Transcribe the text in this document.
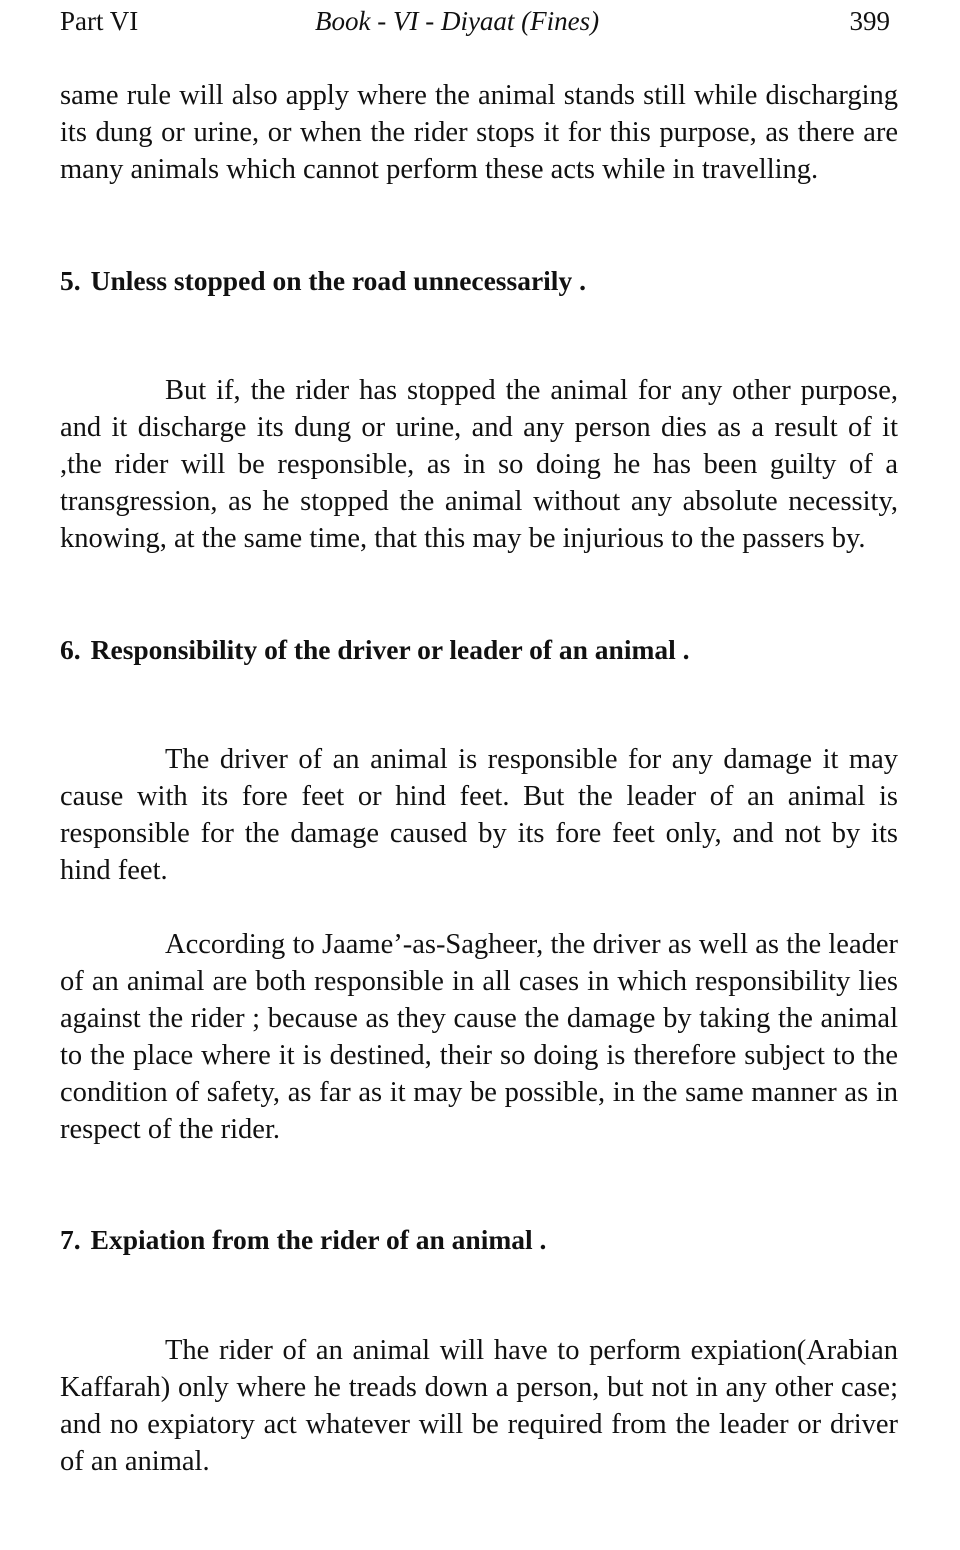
Part VI	Book - VI - Diyaat (Fines)	399

same rule will also apply where the animal stands still while discharging its dung or urine, or when the rider stops it for this purpose, as there are many animals which cannot perform these acts while in travelling.

5. Unless stopped on the road unnecessarily .

But if, the rider has stopped the animal for any other purpose, and it discharge its dung or urine, and any person dies as a result of it ,the rider will be responsible, as in so doing he has been guilty of a transgression, as he stopped the animal without any absolute necessity, knowing, at the same time, that this may be injurious to the passers by.

6. Responsibility of the driver or leader of an animal .

The driver of an animal is responsible for any damage it may cause with its fore feet or hind feet. But the leader of an animal is responsible for the damage caused by its fore feet only, and not by its hind feet.

According to Jaame’-as-Sagheer, the driver as well as the leader of an animal are both responsible in all cases in which responsibility lies against the rider ; because as they cause the damage by taking the animal to the place where it is destined, their so doing is therefore subject to the condition of safety, as far as it may be possible, in the same manner as in respect of the rider.

7. Expiation from the rider of an animal .

The rider of an animal will have to perform expiation(Arabian Kaffarah) only where he treads down a person, but not in any other case; and no expiatory act whatever will be required from the leader or driver of an animal.
